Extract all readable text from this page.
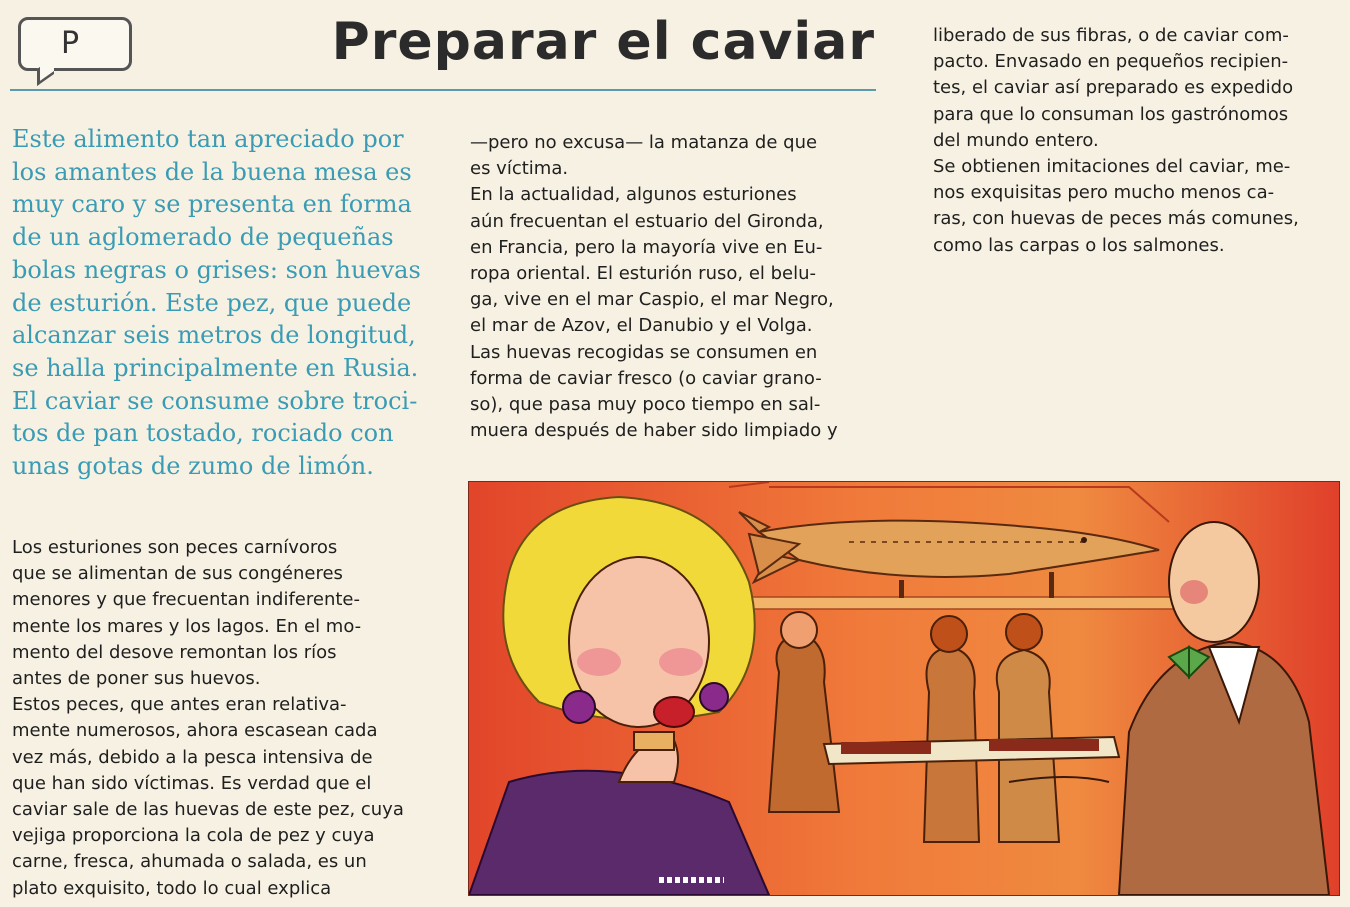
P	Preparar el caviar
Este alimento tan apreciado por
los amantes de la buena mesa es
muy caro y se presenta en forma
de un aglomerado de pequeñas
bolas negras o grises: son huevas
de esturión. Este pez, que puede
alcanzar seis metros de longitud,
se halla principalmente en Rusia.
El caviar se consume sobre troci-
tos de pan tostado, rociado con
unas gotas de zumo de limón.
Los esturiones son peces carnívoros
que se alimentan de sus congéneres
menores y que frecuentan indiferente-
mente los mares y los lagos. En el mo-
mento del desove remontan los ríos
antes de poner sus huevos.
Estos peces, que antes eran relativa-
mente numerosos, ahora escasean cada
vez más, debido a la pesca intensiva de
que han sido víctimas. Es verdad que el
caviar sale de las huevas de este pez, cuya
vejiga proporciona la cola de pez y cuya
carne, fresca, ahumada o salada, es un
plato exquisito, todo lo cual explica
—pero no excusa— la matanza de que
es víctima.
En la actualidad, algunos esturiones
aún frecuentan el estuario del Gironda,
en Francia, pero la mayoría vive en Eu-
ropa oriental. El esturión ruso, el belu-
ga, vive en el mar Caspio, el mar Negro,
el mar de Azov, el Danubio y el Volga.
Las huevas recogidas se consumen en
forma de caviar fresco (o caviar grano-
so), que pasa muy poco tiempo en sal-
muera después de haber sido limpiado y
liberado de sus fibras, o de caviar com-
pacto. Envasado en pequeños recipien-
tes, el caviar así preparado es expedido
para que lo consuman los gastrónomos
del mundo entero.
Se obtienen imitaciones del caviar, me-
nos exquisitas pero mucho menos ca-
ras, con huevas de peces más comunes,
como las carpas o los salmones.
